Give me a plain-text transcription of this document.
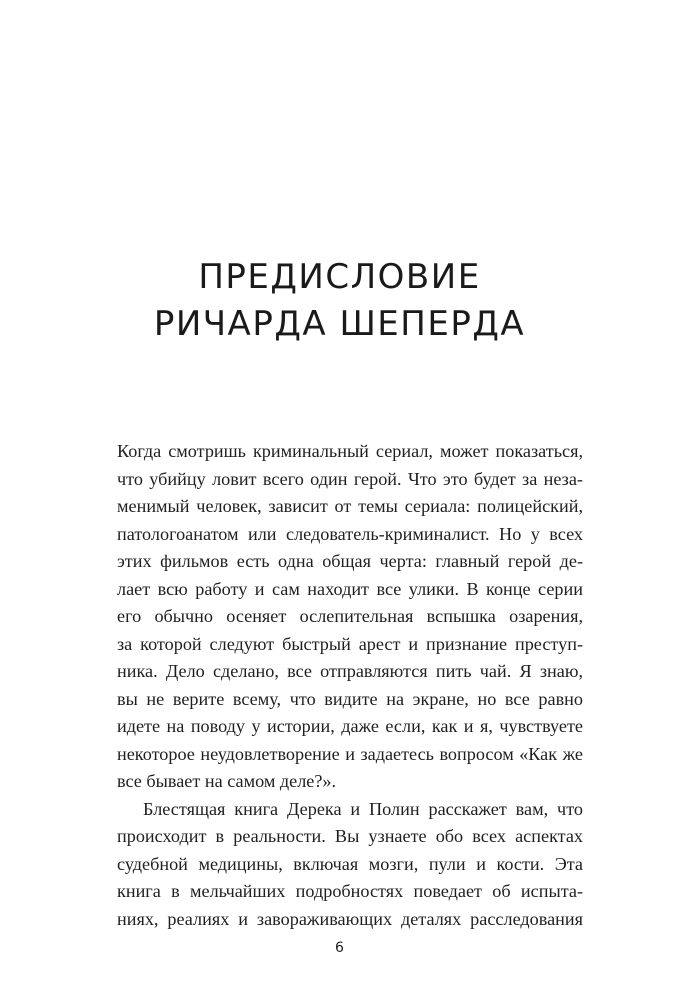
ПРЕДИСЛОВИЕ
РИЧАРДА ШЕПЕРДА
Когда смотришь криминальный сериал, может показаться,
что убийцу ловит всего один герой. Что это будет за неза-
менимый человек, зависит от темы сериала: полицейский,
патологоанатом или следователь-криминалист. Но у всех
этих фильмов есть одна общая черта: главный герой де-
лает всю работу и сам находит все улики. В конце серии
его обычно осеняет ослепительная вспышка озарения,
за которой следуют быстрый арест и признание преступ-
ника. Дело сделано, все отправляются пить чай. Я знаю,
вы не верите всему, что видите на экране, но все равно
идете на поводу у истории, даже если, как и я, чувствуете
некоторое неудовлетворение и задаетесь вопросом «Как же
все бывает на самом деле?».
Блестящая книга Дерека и Полин расскажет вам, что
происходит в реальности. Вы узнаете обо всех аспектах
судебной медицины, включая мозги, пули и кости. Эта
книга в мельчайших подробностях поведает об испыта-
ниях, реалиях и завораживающих деталях расследования
6
